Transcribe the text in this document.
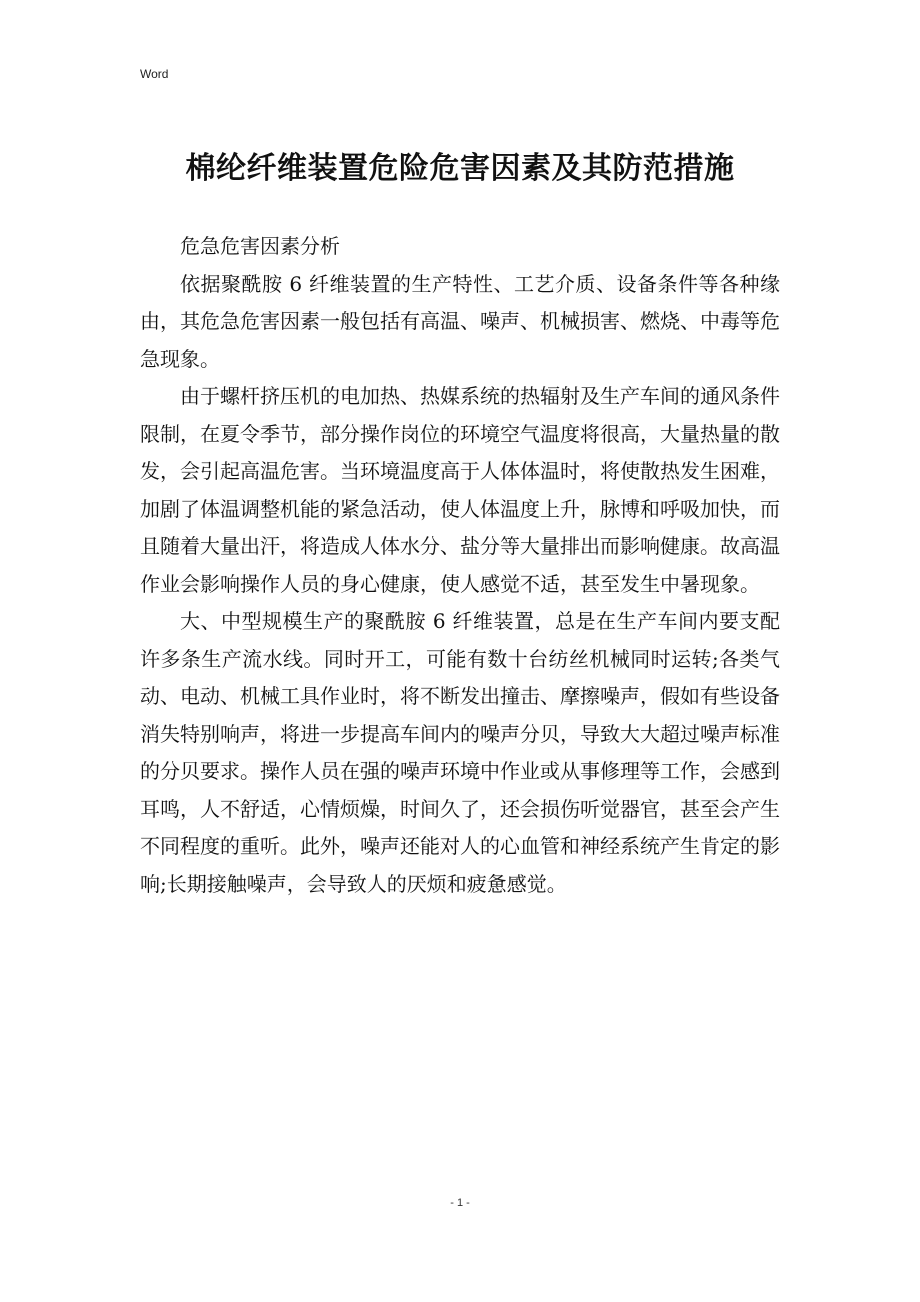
Word
棉纶纤维装置危险危害因素及其防范措施

危急危害因素分析

依据聚酰胺 6 纤维装置的生产特性、工艺介质、设备条件等各种缘由，其危急危害因素一般包括有高温、噪声、机械损害、燃烧、中毒等危急现象。

由于螺杆挤压机的电加热、热媒系统的热辐射及生产车间的通风条件限制，在夏令季节，部分操作岗位的环境空气温度将很高，大量热量的散发，会引起高温危害。当环境温度高于人体体温时，将使散热发生困难，加剧了体温调整机能的紧急活动，使人体温度上升，脉博和呼吸加快，而且随着大量出汗，将造成人体水分、盐分等大量排出而影响健康。故高温作业会影响操作人员的身心健康，使人感觉不适，甚至发生中暑现象。

大、中型规模生产的聚酰胺 6 纤维装置，总是在生产车间内要支配许多条生产流水线。同时开工，可能有数十台纺丝机械同时运转;各类气动、电动、机械工具作业时，将不断发出撞击、摩擦噪声，假如有些设备消失特别响声，将进一步提高车间内的噪声分贝，导致大大超过噪声标准的分贝要求。操作人员在强的噪声环境中作业或从事修理等工作，会感到耳鸣，人不舒适，心情烦燥，时间久了，还会损伤听觉器官，甚至会产生不同程度的重听。此外，噪声还能对人的心血管和神经系统产生肯定的影响;长期接触噪声，会导致人的厌烦和疲惫感觉。

- 1 -
